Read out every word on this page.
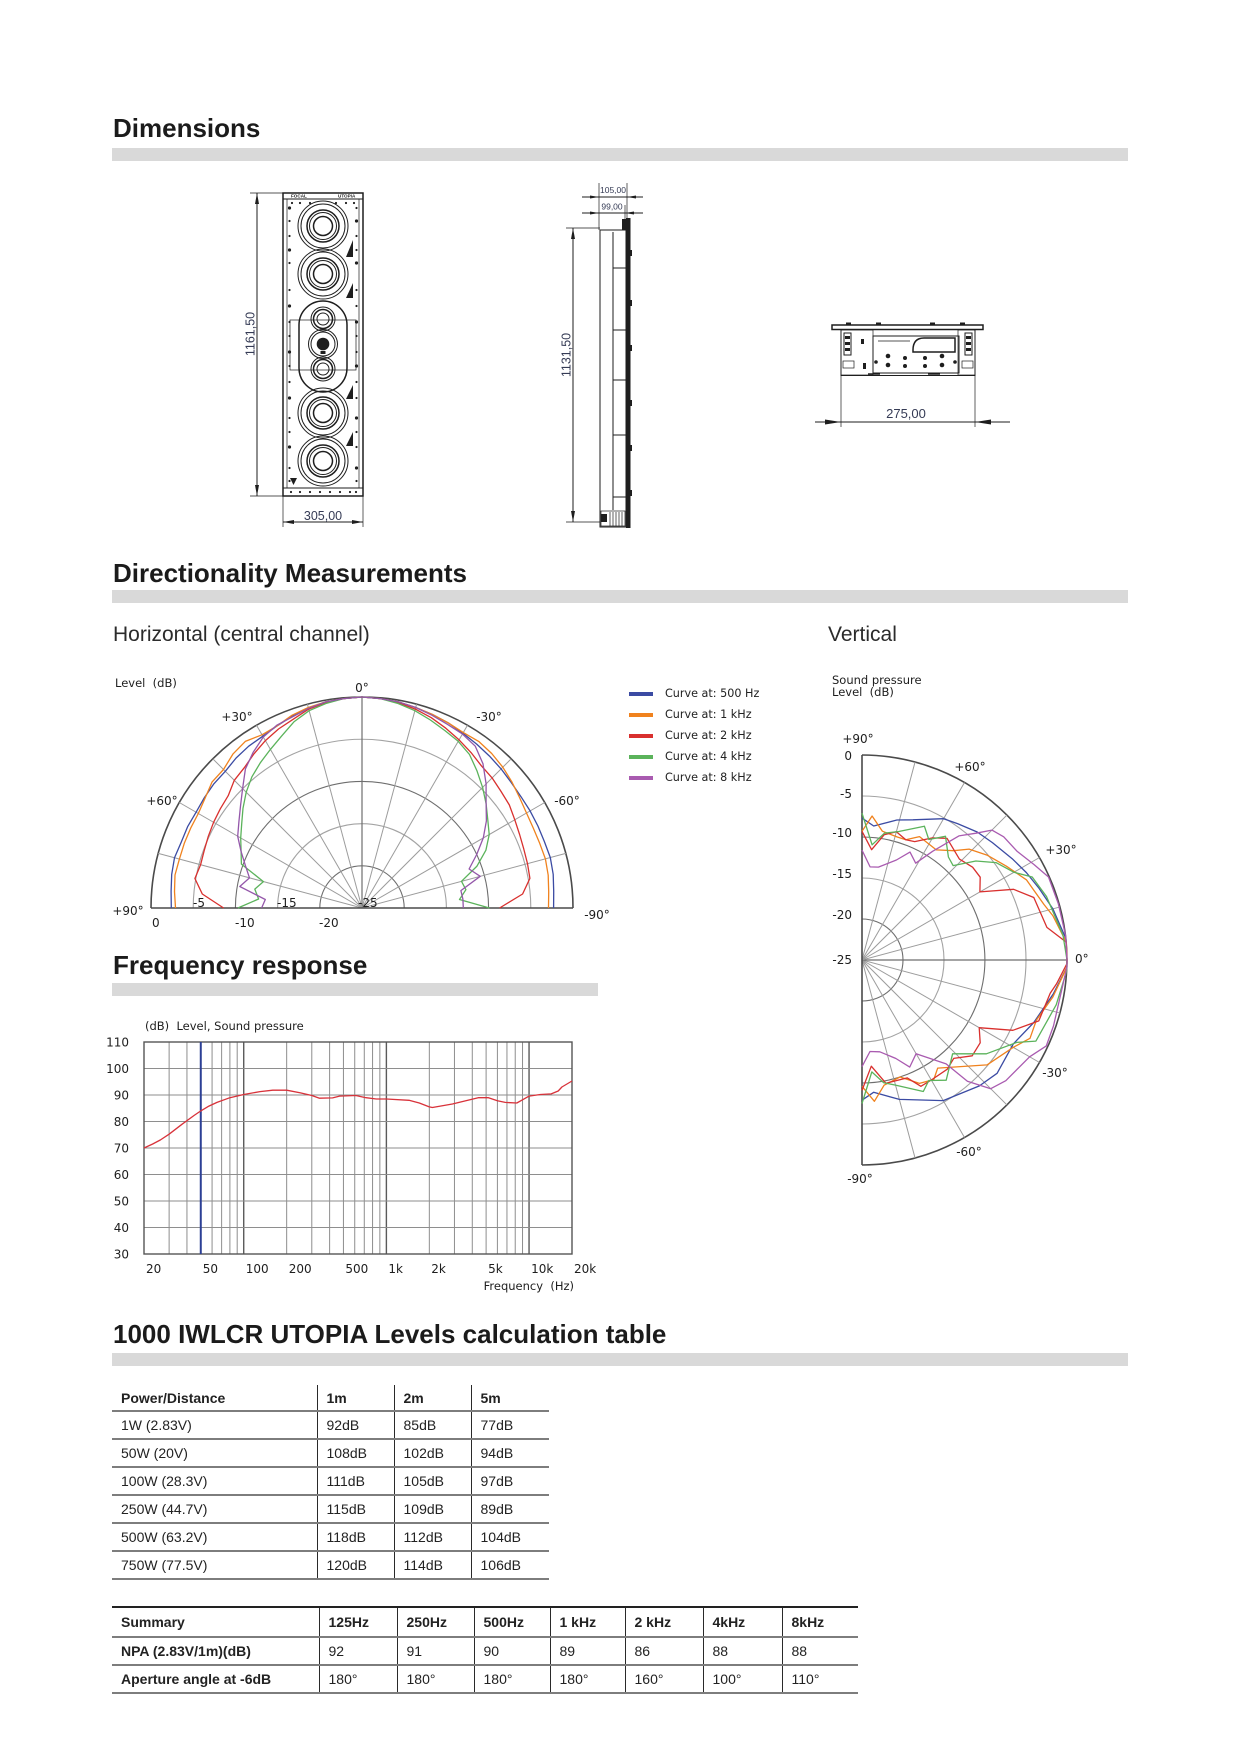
Dimensions
1161,50
305,00
FOCAL	UTOPIA
105,00
99,00
1131,50
275,00
Directionality Measurements
Horizontal (central channel)	Vertical
Level  (dB)	0°
+30°	-30°
+60°	-60°
+90°	-90°
0
-5
-10
-15
-20
-25
Curve at: 500 Hz
Curve at: 1 kHz
Curve at: 2 kHz
Curve at: 4 kHz
Curve at: 8 kHz
Sound pressure
Level  (dB)
+90°
+60°
+30°
0°
-30°
-60°
-90°
0
-5
-10
-15
-20
-25
Frequency response
(dB)  Level, Sound pressure
Frequency  (Hz)
20	50 100 200	500 1k 2k	5k 10k 20k
30
40
50
60
70
80
90
100
110
1000 IWLCR UTOPIA Levels calculation table
Power/Distance	1m	2m	5m
1W (2.83V)	92dB	85dB	77dB
50W (20V)	108dB	102dB	94dB
100W (28.3V)	111dB	105dB	97dB
250W (44.7V)	115dB	109dB	89dB
500W (63.2V)	118dB	112dB	104dB
750W (77.5V)	120dB	114dB	106dB
Summary	125Hz	250Hz	500Hz	1 kHz	2 kHz	4kHz	8kHz
NPA (2.83V/1m)(dB)	92	91	90	89	86	88	88
Aperture angle at -6dB	180°	180°	180°	180°	160°	100°	110°
